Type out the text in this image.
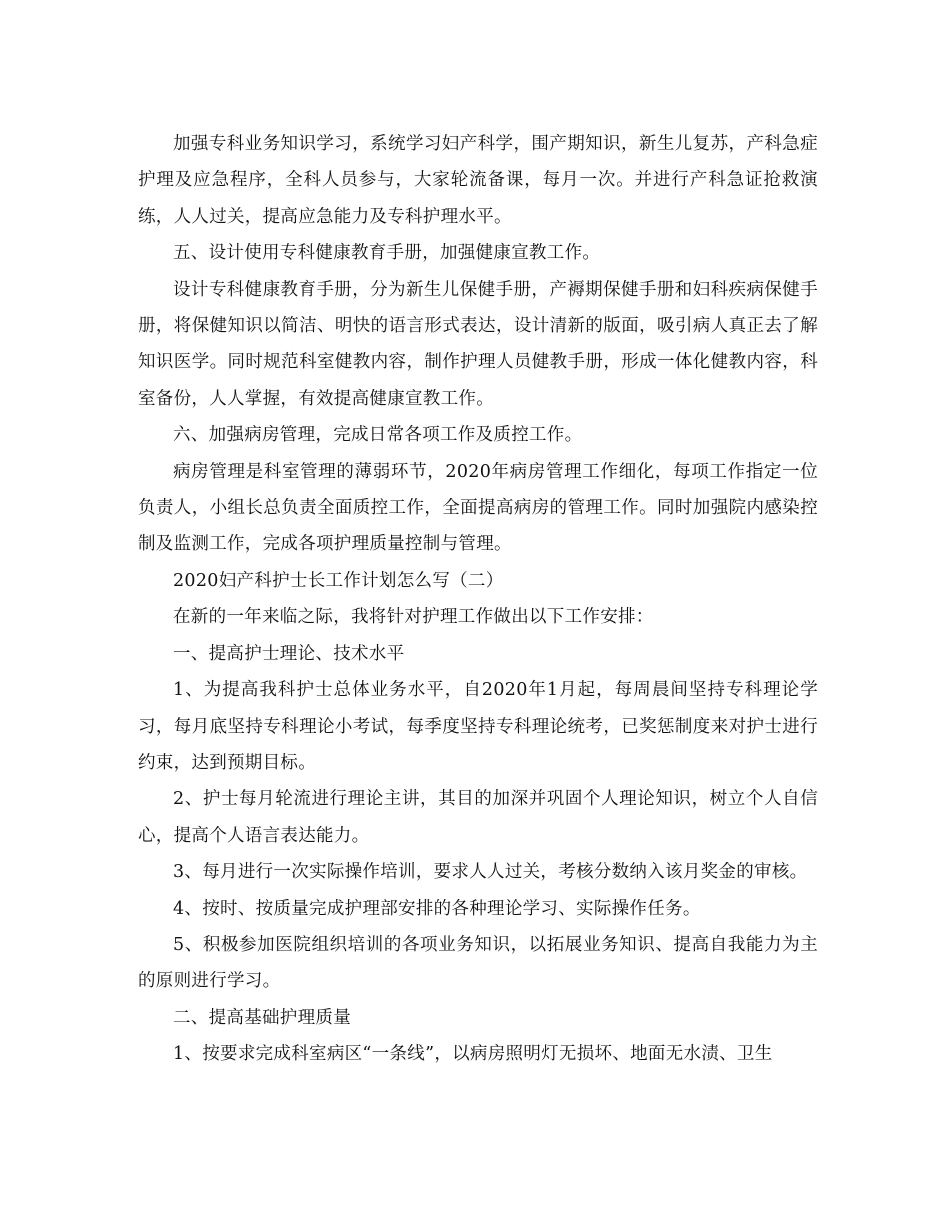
加强专科业务知识学习，系统学习妇产科学，围产期知识，新生儿复苏，产科急症护理及应急程序，全科人员参与，大家轮流备课，每月一次。并进行产科急证抢救演练，人人过关，提高应急能力及专科护理水平。

五、设计使用专科健康教育手册，加强健康宣教工作。

设计专科健康教育手册，分为新生儿保健手册，产褥期保健手册和妇科疾病保健手册，将保健知识以简洁、明快的语言形式表达，设计清新的版面，吸引病人真正去了解知识医学。同时规范科室健教内容，制作护理人员健教手册，形成一体化健教内容，科室备份，人人掌握，有效提高健康宣教工作。

六、加强病房管理，完成日常各项工作及质控工作。

病房管理是科室管理的薄弱环节，2020年病房管理工作细化，每项工作指定一位负责人，小组长总负责全面质控工作，全面提高病房的管理工作。同时加强院内感染控制及监测工作，完成各项护理质量控制与管理。

2020妇产科护士长工作计划怎么写（二）

在新的一年来临之际，我将针对护理工作做出以下工作安排：

一、提高护士理论、技术水平

1、为提高我科护士总体业务水平，自2020年1月起，每周晨间坚持专科理论学习，每月底坚持专科理论小考试，每季度坚持专科理论统考，已奖惩制度来对护士进行约束，达到预期目标。

2、护士每月轮流进行理论主讲，其目的加深并巩固个人理论知识，树立个人自信心，提高个人语言表达能力。

3、每月进行一次实际操作培训，要求人人过关，考核分数纳入该月奖金的审核。

4、按时、按质量完成护理部安排的各种理论学习、实际操作任务。

5、积极参加医院组织培训的各项业务知识，以拓展业务知识、提高自我能力为主的原则进行学习。

二、提高基础护理质量

1、按要求完成科室病区“一条线”，以病房照明灯无损坏、地面无水渍、卫生
